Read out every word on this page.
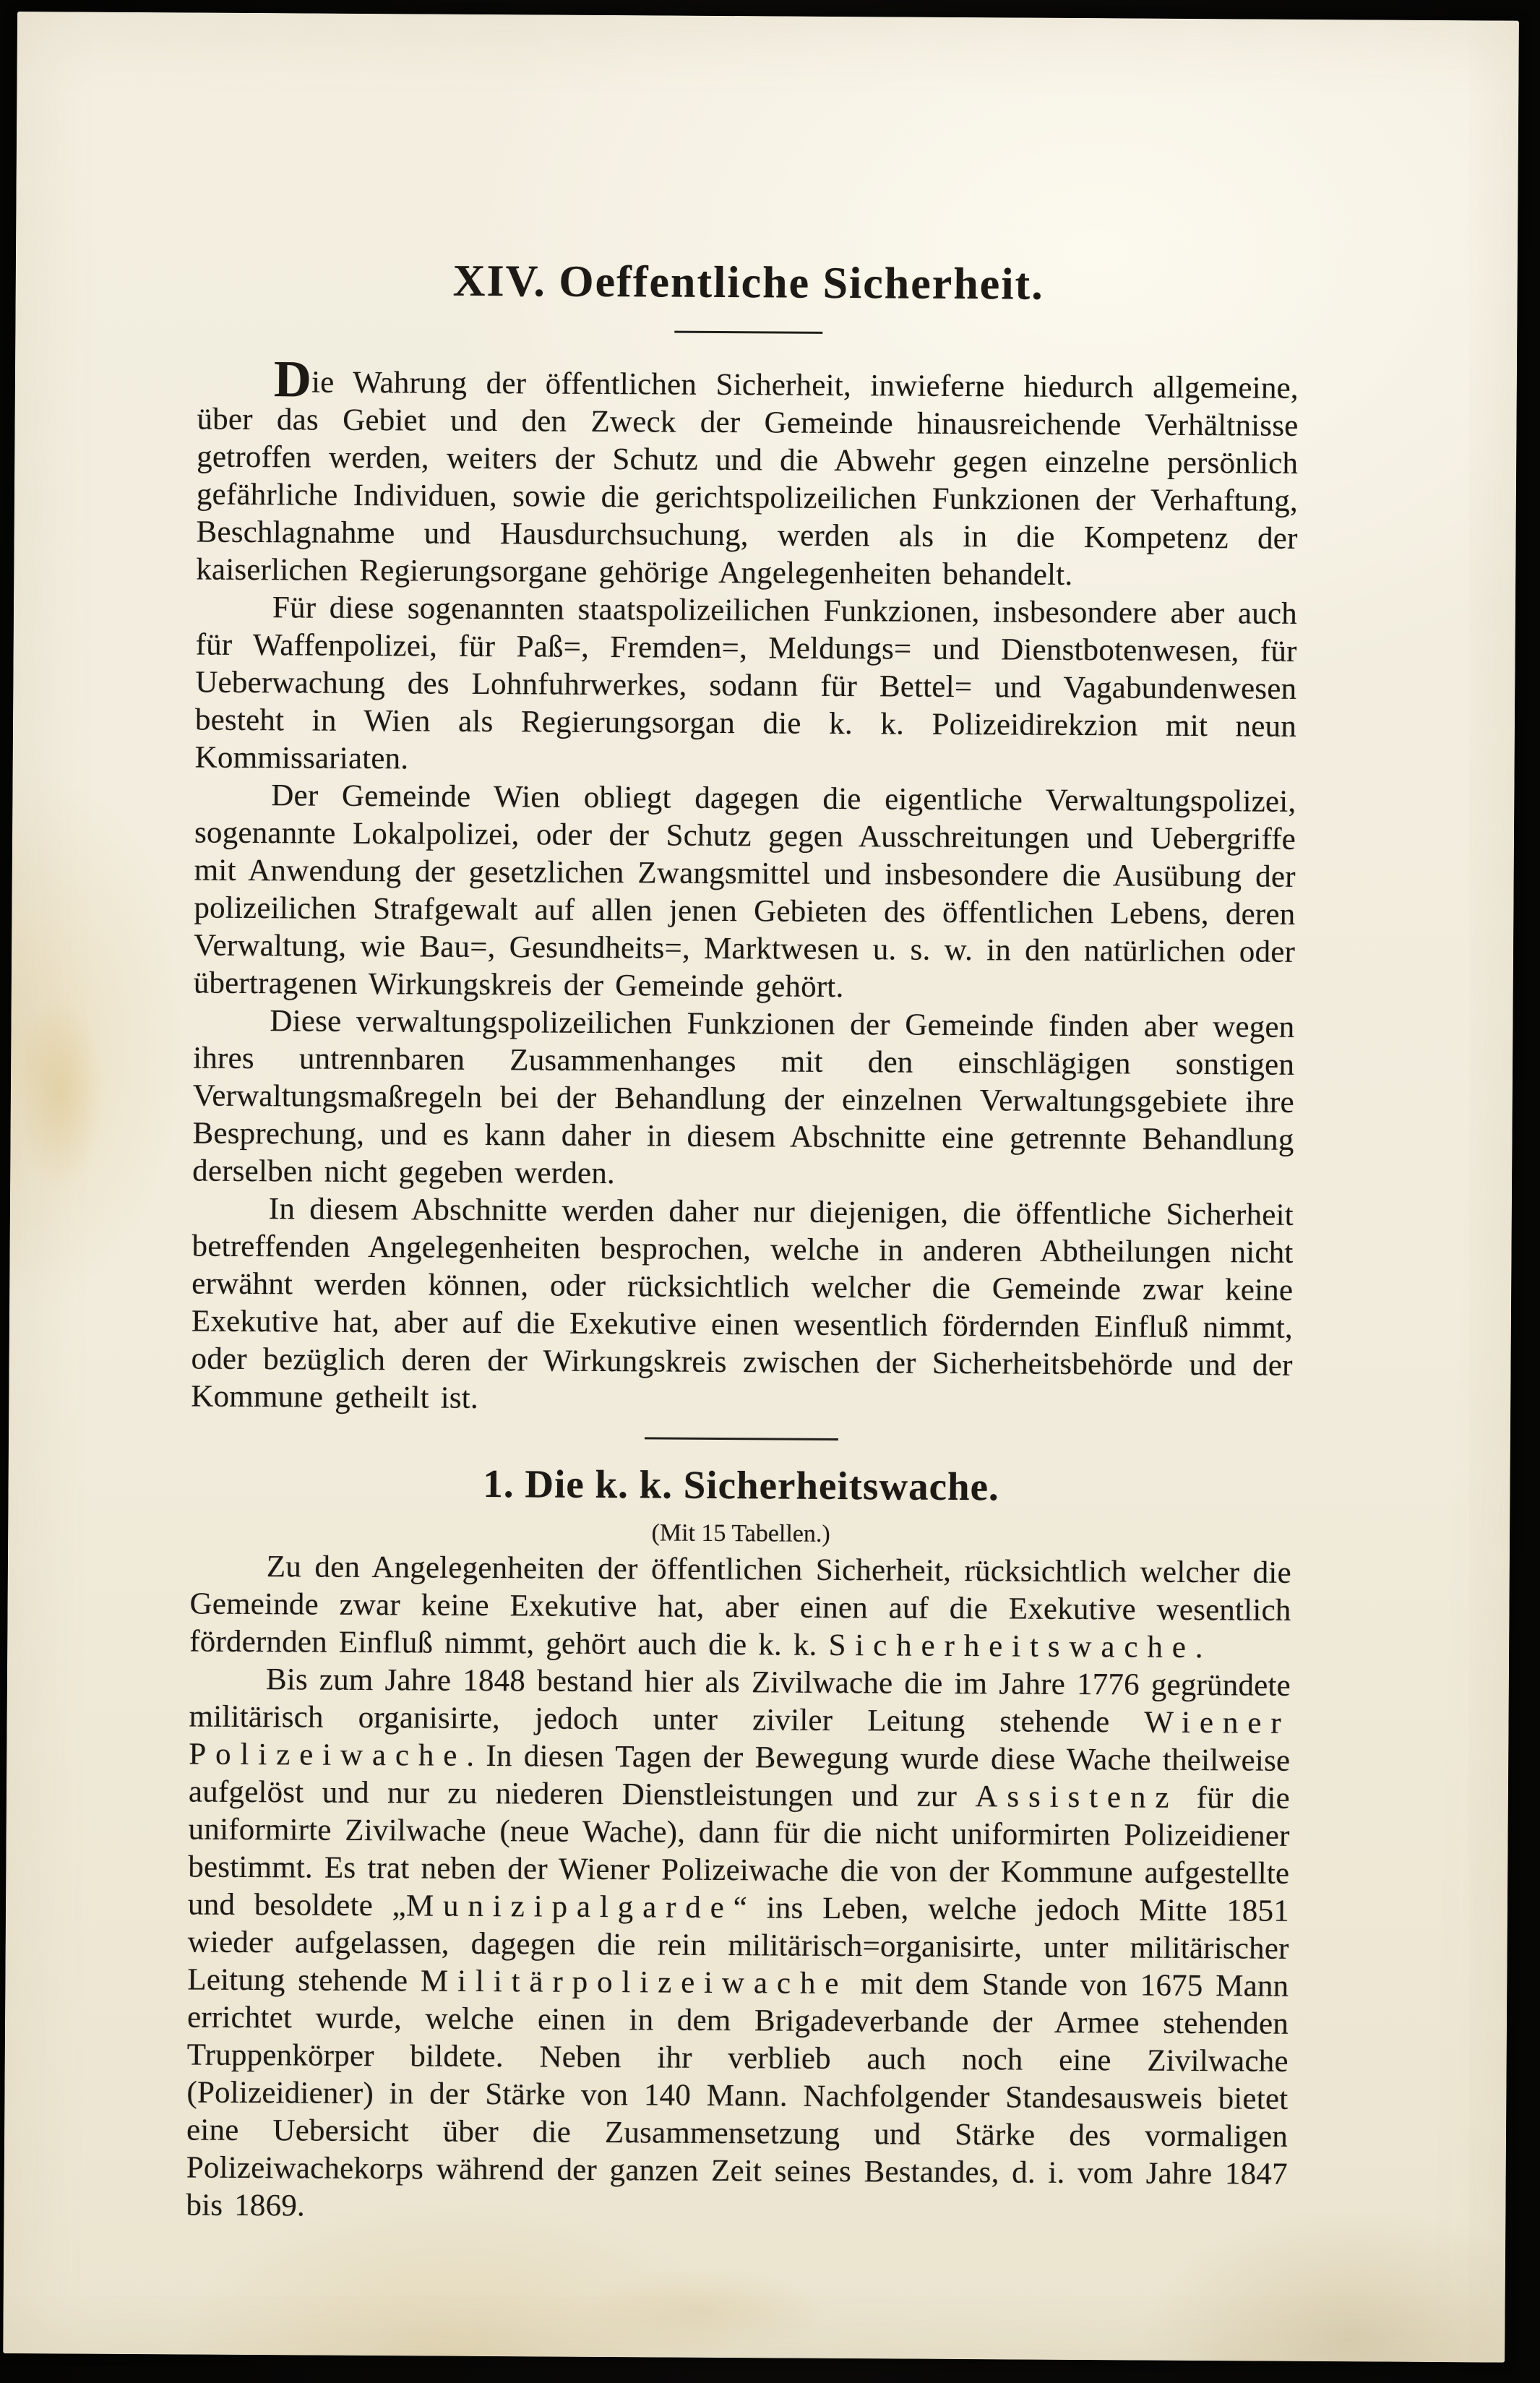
XIV. Oeffentliche Sicherheit.

Die Wahrung der öffentlichen Sicherheit, inwieferne hiedurch allgemeine, über das Gebiet und den Zweck der Gemeinde hinausreichende Verhältnisse getroffen werden, weiters der Schutz und die Abwehr gegen einzelne persönlich gefährliche Individuen, sowie die gerichtspolizeilichen Funkzionen der Verhaftung, Beschlagnahme und Hausdurchsuchung, werden als in die Kompetenz der kaiserlichen Regierungsorgane gehörige Angelegenheiten behandelt.

Für diese sogenannten staatspolizeilichen Funkzionen, insbesondere aber auch für Waffenpolizei, für Paß=, Fremden=, Meldungs= und Dienstbotenwesen, für Ueberwachung des Lohnfuhrwerkes, sodann für Bettel= und Vagabundenwesen besteht in Wien als Regierungsorgan die k. k. Polizeidirekzion mit neun Kommissariaten.

Der Gemeinde Wien obliegt dagegen die eigentliche Verwaltungspolizei, sogenannte Lokalpolizei, oder der Schutz gegen Ausschreitungen und Uebergriffe mit Anwendung der gesetzlichen Zwangsmittel und insbesondere die Ausübung der polizeilichen Strafgewalt auf allen jenen Gebieten des öffentlichen Lebens, deren Verwaltung, wie Bau=, Gesundheits=, Marktwesen u. s. w. in den natürlichen oder übertragenen Wirkungskreis der Gemeinde gehört.

Diese verwaltungspolizeilichen Funkzionen der Gemeinde finden aber wegen ihres untrennbaren Zusammenhanges mit den einschlägigen sonstigen Verwaltungsmaßregeln bei der Behandlung der einzelnen Verwaltungsgebiete ihre Besprechung, und es kann daher in diesem Abschnitte eine getrennte Behandlung derselben nicht gegeben werden.

In diesem Abschnitte werden daher nur diejenigen, die öffentliche Sicherheit betreffenden Angelegenheiten besprochen, welche in anderen Abtheilungen nicht erwähnt werden können, oder rücksichtlich welcher die Gemeinde zwar keine Exekutive hat, aber auf die Exekutive einen wesentlich fördernden Einfluß nimmt, oder bezüglich deren der Wirkungskreis zwischen der Sicherheitsbehörde und der Kommune getheilt ist.

1. Die k. k. Sicherheitswache.
(Mit 15 Tabellen.)

Zu den Angelegenheiten der öffentlichen Sicherheit, rücksichtlich welcher die Gemeinde zwar keine Exekutive hat, aber einen auf die Exekutive wesentlich fördernden Einfluß nimmt, gehört auch die k. k. Sicherheitswache.

Bis zum Jahre 1848 bestand hier als Zivilwache die im Jahre 1776 gegründete militärisch organisirte, jedoch unter ziviler Leitung stehende Wiener Polizeiwache. In diesen Tagen der Bewegung wurde diese Wache theilweise aufgelöst und nur zu niederen Dienstleistungen und zur Assistenz für die uniformirte Zivilwache (neue Wache), dann für die nicht uniformirten Polizeidiener bestimmt. Es trat neben der Wiener Polizeiwache die von der Kommune aufgestellte und besoldete „Munizipalgarde“ ins Leben, welche jedoch Mitte 1851 wieder aufgelassen, dagegen die rein militärisch=organisirte, unter militärischer Leitung stehende Militärpolizeiwache mit dem Stande von 1675 Mann errichtet wurde, welche einen in dem Brigadeverbande der Armee stehenden Truppenkörper bildete. Neben ihr verblieb auch noch eine Zivilwache (Polizeidiener) in der Stärke von 140 Mann. Nachfolgender Standesausweis bietet eine Uebersicht über die Zusammensetzung und Stärke des vormaligen Polizeiwachekorps während der ganzen Zeit seines Bestandes, d. i. vom Jahre 1847 bis 1869.
